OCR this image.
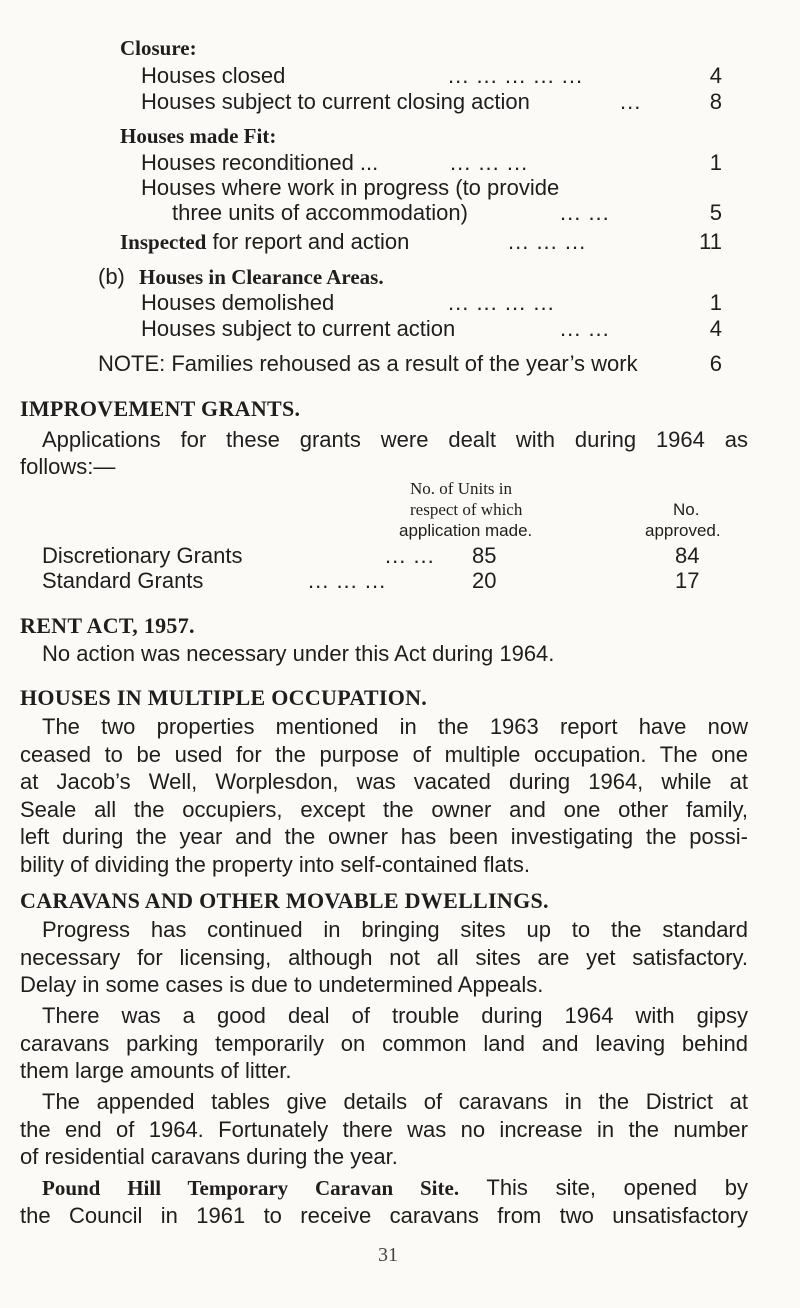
Closure:
Houses closed	... ... ... ... ...	4
Houses subject to current closing action	...	8
Houses made Fit:
Houses reconditioned ...	... ... ...	1
Houses where work in progress (to provide
three units of accommodation)	... ...	5
Inspected for report and action	... ... ...	11
(b) Houses in Clearance Areas.
Houses demolished	... ... ... ...	1
Houses subject to current action	... ...	4
NOTE: Families rehoused as a result of the year’s work	6
IMPROVEMENT GRANTS.
Applications for these grants were dealt with during 1964 as
follows:—
No. of Units in
respect of which
application made.
No.
approved.
Discretionary Grants	... ... 85	84
Standard Grants	... ... ...	20	17
RENT ACT, 1957.
No action was necessary under this Act during 1964.
HOUSES IN MULTIPLE OCCUPATION.
The two properties mentioned in the 1963 report have now
ceased to be used for the purpose of multiple occupation. The one
at Jacob’s Well, Worplesdon, was vacated during 1964, while at
Seale all the occupiers, except the owner and one other family,
left during the year and the owner has been investigating the possi-
bility of dividing the property into self-contained flats.
CARAVANS AND OTHER MOVABLE DWELLINGS.
Progress has continued in bringing sites up to the standard
necessary for licensing, although not all sites are yet satisfactory.
Delay in some cases is due to undetermined Appeals.
There was a good deal of trouble during 1964 with gipsy
caravans parking temporarily on common land and leaving behind
them large amounts of litter.
The appended tables give details of caravans in the District at
the end of 1964. Fortunately there was no increase in the number
of residential caravans during the year.
Pound Hill Temporary Caravan Site. This site, opened by
the Council in 1961 to receive caravans from two unsatisfactory
31
